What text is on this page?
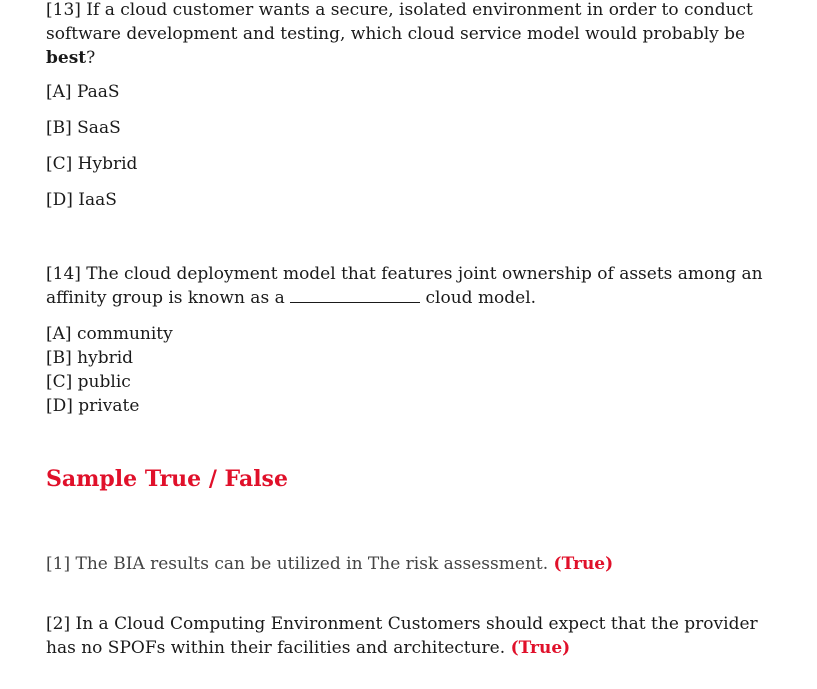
[13] If a cloud customer wants a secure, isolated environment in order to conduct software development and testing, which cloud service model would probably be best?
[A] PaaS
[B] SaaS
[C] Hybrid
[D] IaaS
[14] The cloud deployment model that features joint ownership of assets among an affinity group is known as a	cloud model.
[A] community
[B] hybrid
[C] public
[D] private
Sample True / False
[1] The BIA results can be utilized in The risk assessment. (True)
[2] In a Cloud Computing Environment Customers should expect that the provider has no SPOFs within their facilities and architecture. (True)
